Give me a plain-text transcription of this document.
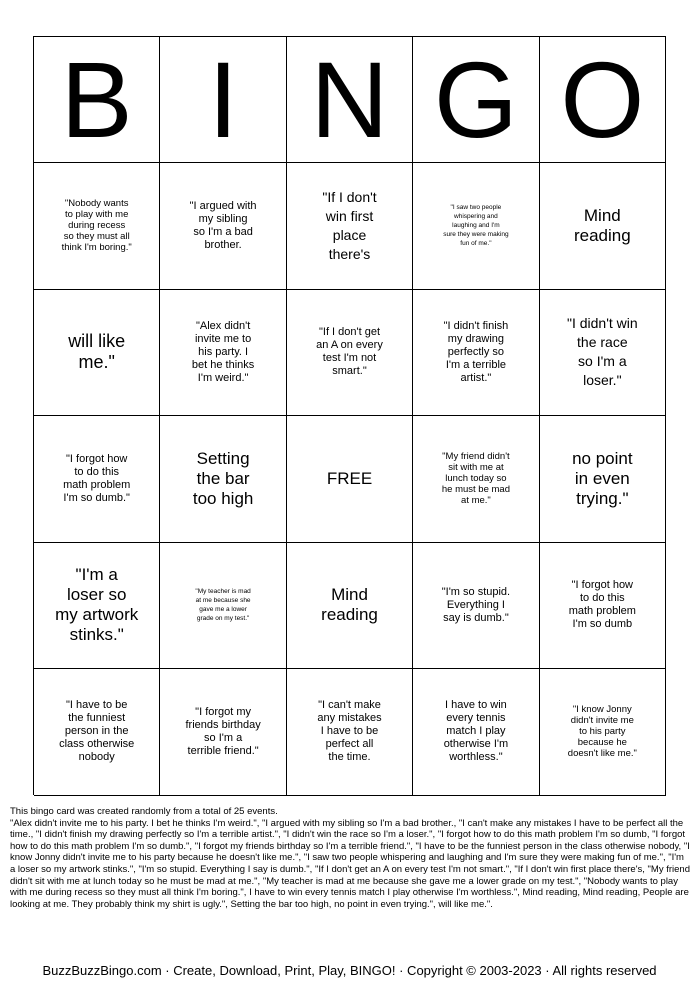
B I N G O
"Nobody wants
to play with me
during recess
so they must all
think I'm boring."
"I argued with
my sibling
so I'm a bad
brother.
"If I don't
win first
place
there's
"I saw two people
whispering and
laughing and I'm
sure they were making
fun of me."
Mind
reading
will like
me."
"Alex didn't
invite me to
his party. I
bet he thinks
I'm weird."
"If I don't get
an A on every
test I'm not
smart."
"I didn't finish
my drawing
perfectly so
I'm a terrible
artist."
"I didn't win
the race
so I'm a
loser."
"I forgot how
to do this
math problem
I'm so dumb."
Setting
the bar
too high
FREE
"My friend didn't
sit with me at
lunch today so
he must be mad
at me."
no point
in even
trying."
"I'm a
loser so
my artwork
stinks."
"My teacher is mad
at me because she
gave me a lower
grade on my test."
Mind
reading
"I'm so stupid.
Everything I
say is dumb."
"I forgot how
to do this
math problem
I'm so dumb
"I have to be
the funniest
person in the
class otherwise
nobody
"I forgot my
friends birthday
so I'm a
terrible friend."
"I can't make
any mistakes
I have to be
perfect all
the time.
I have to win
every tennis
match I play
otherwise I'm
worthless."
"I know Jonny
didn't invite me
to his party
because he
doesn't like me."
This bingo card was created randomly from a total of 25 events.
"Alex didn't invite me to his party. I bet he thinks I'm weird.", "I argued with my sibling so I'm a bad brother., "I can't make any mistakes I have to be perfect all the time., "I didn't finish my drawing perfectly so I'm a terrible artist.", "I didn't win the race so I'm a loser.", "I forgot how to do this math problem I'm so dumb, "I forgot how to do this math problem I'm so dumb.", "I forgot my friends birthday so I'm a terrible friend.", "I have to be the funniest person in the class otherwise nobody, "I know Jonny didn't invite me to his party because he doesn't like me.", "I saw two people whispering and laughing and I'm sure they were making fun of me.", "I'm a loser so my artwork stinks.", "I'm so stupid. Everything I say is dumb.", "If I don't get an A on every test I'm not smart.", "If I don't win first place there's, "My friend didn't sit with me at lunch today so he must be mad at me.", "My teacher is mad at me because she gave me a lower grade on my test.", "Nobody wants to play with me during recess so they must all think I'm boring.", I have to win every tennis match I play otherwise I'm worthless.", Mind reading, Mind reading, People are looking at me. They probably think my shirt is ugly.", Setting the bar too high, no point in even trying.", will like me.".
BuzzBuzzBingo.com · Create, Download, Print, Play, BINGO! · Copyright © 2003-2023 · All rights reserved
